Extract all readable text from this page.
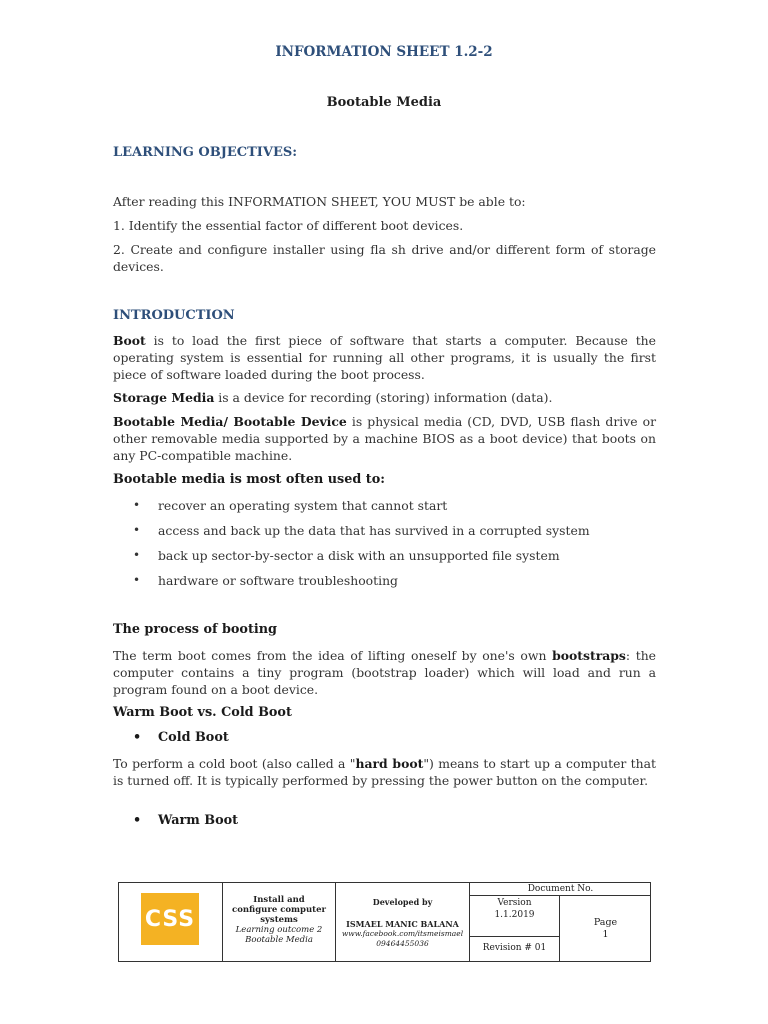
INFORMATION SHEET 1.2-2
Bootable Media
LEARNING OBJECTIVES:
After reading this INFORMATION SHEET, YOU MUST be able to:
1. Identify the essential factor of different boot devices.
2. Create and configure installer using fla sh drive and/or different form of storage devices.
INTRODUCTION
Boot is to load the first piece of software that starts a computer. Because the operating system is essential for running all other programs, it is usually the first piece of software loaded during the boot process.
Storage Media is a device for recording (storing) information (data).
Bootable Media/ Bootable Device is physical media (CD, DVD, USB flash drive or other removable media supported by a machine BIOS as a boot device) that boots on any PC-compatible machine.
Bootable media is most often used to:
• recover an operating system that cannot start
• access and back up the data that has survived in a corrupted system
• back up sector-by-sector a disk with an unsupported file system
• hardware or software troubleshooting
The process of booting
The term boot comes from the idea of lifting oneself by one's own bootstraps: the computer contains a tiny program (bootstrap loader) which will load and run a program found on a boot device.
Warm Boot vs. Cold Boot
• Cold Boot
To perform a cold boot (also called a "hard boot") means to start up a computer that is turned off. It is typically performed by pressing the power button on the computer.
• Warm Boot
CSS
Install and
configure computer
systems
Learning outcome 2
Bootable Media
Developed by
ISMAEL MANIC BALANA
www.facebook.com/itsmeismael
09464455036
Document No.
Version
1.1.2019
Revision # 01
Page
1
